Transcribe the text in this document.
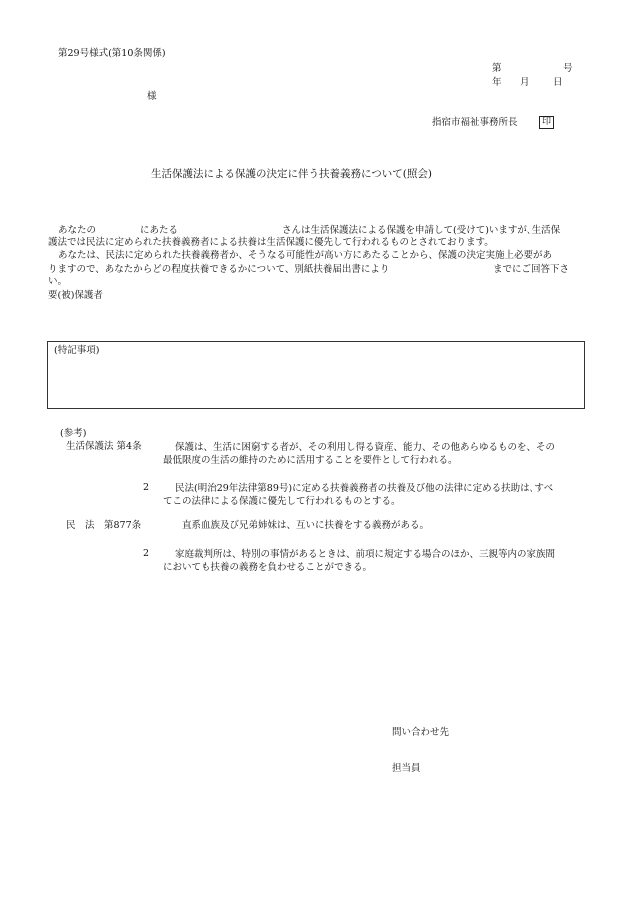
第29号様式(第10条関係)
第	号
年 月 日
様
指宿市福祉事務所長	印
生活保護法による保護の決定に伴う扶養義務について(照会)
あなたの	にあたる	さんは生活保護法による保護を申請して(受けて)いますが､生活保
護法では民法に定められた扶養義務者による扶養は生活保護に優先して行われるものとされております。
あなたは、民法に定められた扶養義務者か、そうなる可能性が高い方にあたることから、保護の決定実施上必要があ
りますので、あなたからどの程度扶養できるかについて、別紙扶養届出書により	までにご回答下さ
い。
要(被)保護者
(特記事項)
(参考)
生活保護法 第4条	保護は、生活に困窮する者が、その利用し得る資産、能力、その他あらゆるものを、その
最低限度の生活の維持のために活用することを要件として行われる。
2	民法(明治29年法律第89号)に定める扶養義務者の扶養及び他の法律に定める扶助は､すべ
てこの法律による保護に優先して行われるものとする。
民　法　第877条	直系血族及び兄弟姉妹は、互いに扶養をする義務がある。
2	家庭裁判所は、特別の事情があるときは、前項に規定する場合のほか、三親等内の家族間
においても扶養の義務を負わせることができる。
問い合わせ先
担当員
